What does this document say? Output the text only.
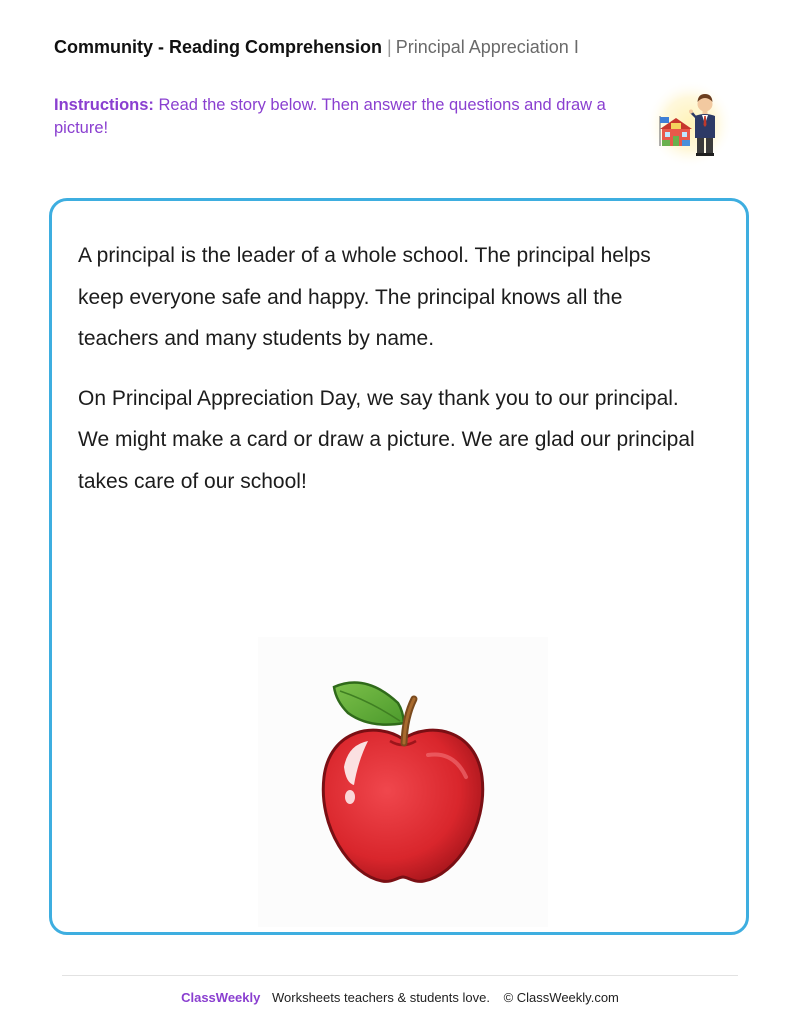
Community - Reading Comprehension | Principal Appreciation I
Instructions: Read the story below. Then answer the questions and draw a picture!

A principal is the leader of a whole school. The principal helps keep everyone safe and happy. The principal knows all the teachers and many students by name.

On Principal Appreciation Day, we say thank you to our principal. We might make a card or draw a picture. We are glad our principal takes care of our school!

ClassWeekly Worksheets teachers & students love. © ClassWeekly.com
